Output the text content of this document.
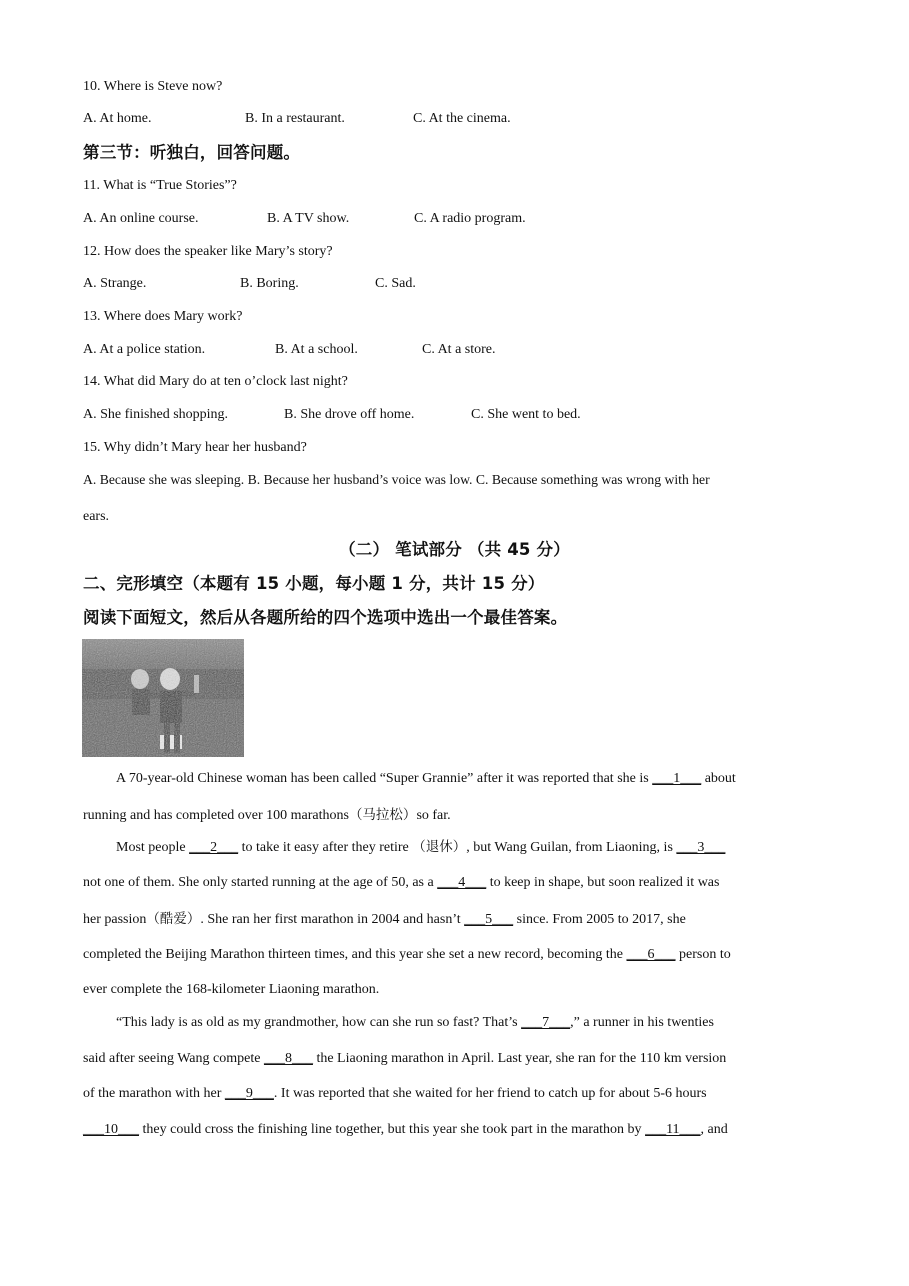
10. Where is Steve now?
A. At home.	B. In a restaurant.	C. At the cinema.
第三节：听独白，回答问题。
11. What is “True Stories”?
A. An online course.	B. A TV show.	C. A radio program.
12. How does the speaker like Mary’s story?
A. Strange.	B. Boring.	C. Sad.
13. Where does Mary work?
A. At a police station.	B. At a school.	C. At a store.
14. What did Mary do at ten o’clock last night?
A. She finished shopping.	B. She drove off home.	C. She went to bed.
15. Why didn’t Mary hear her husband?
A. Because she was sleeping. B. Because her husband’s voice was low. C. Because something was wrong with her
ears.
（二） 笔试部分 （共 45 分）
二、完形填空（本题有 15 小题，每小题 1 分，共计 15 分）
阅读下面短文，然后从各题所给的四个选项中选出一个最佳答案。
A 70-year-old Chinese woman has been called “Super Grannie” after it was reported that she is ___1___ about
running and has completed over 100 marathons（马拉松）so far.
Most people ___2___ to take it easy after they retire （退休）, but Wang Guilan, from Liaoning, is ___3___
not one of them. She only started running at the age of 50, as a ___4___ to keep in shape, but soon realized it was
her passion（酷爱）. She ran her first marathon in 2004 and hasn’t ___5___ since. From 2005 to 2017, she
completed the Beijing Marathon thirteen times, and this year she set a new record, becoming the ___6___ person to
ever complete the 168-kilometer Liaoning marathon.
“This lady is as old as my grandmother, how can she run so fast? That’s ___7___,” a runner in his twenties
said after seeing Wang compete ___8___ the Liaoning marathon in April. Last year, she ran for the 110 km version
of the marathon with her ___9___. It was reported that she waited for her friend to catch up for about 5-6 hours
___10___ they could cross the finishing line together, but this year she took part in the marathon by ___11___, and
